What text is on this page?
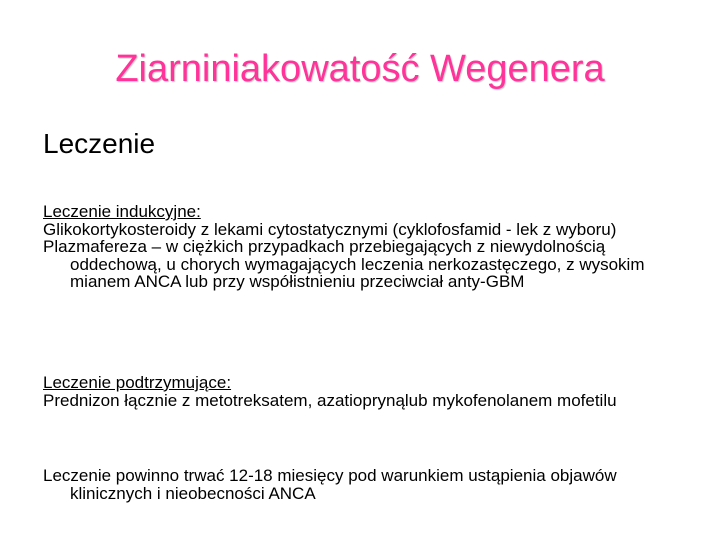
Ziarniniakowatość Wegenera
Leczenie
Leczenie indukcyjne:
Glikokortykosteroidy z lekami cytostatycznymi (cyklofosfamid - lek z wyboru)
Plazmafereza – w ciężkich przypadkach przebiegających z niewydolnością oddechową, u chorych wymagających leczenia nerkozastęczego, z wysokim mianem ANCA lub przy współistnieniu przeciwciał anty-GBM
Leczenie podtrzymujące:
Prednizon łącznie z metotreksatem, azatioprynąlub mykofenolanem mofetilu
Leczenie powinno trwać 12-18 miesięcy pod warunkiem ustąpienia objawów klinicznych i nieobecności ANCA
